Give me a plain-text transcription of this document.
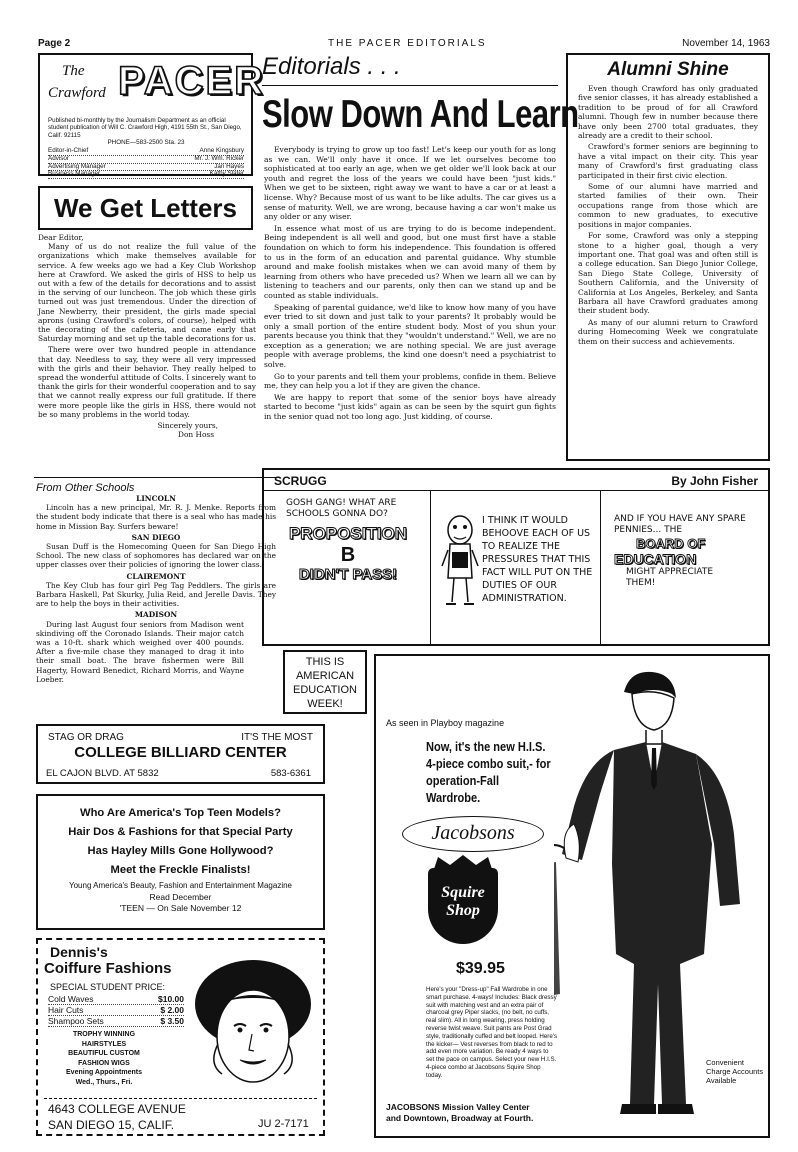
Page 2	THE PACER EDITORIALS	November 14, 1963
The
Crawford PACER
Published bi-monthly by the Journalism Department as an official student publication of Will C. Crawford High, 4191 55th St., San Diego, Calif. 92115
PHONE—583-2500 Sta. 23
Editor-in-Chief	Anne Kingsbury
Advisor	Mr. J. Wm. Ricker
Advertising Manager	Jan Hayes
Business Manager	Kathy Slater
We Get Letters
Dear Editor,

Many of us do not realize the full value of the organizations which make themselves available for service. A few weeks ago we had a Key Club Workshop here at Crawford. We asked the girls of HSS to help us out with a few of the details for decorations and to assist in the serving of our luncheon. The job which these girls turned out was just tremendous. Under the direction of Jane Newberry, their president, the girls made special aprons (using Crawford's colors, of course), helped with the decorating of the cafeteria, and came early that Saturday morning and set up the table decorations for us.

There were over two hundred people in attendance that day. Needless to say, they were all very impressed with the girls and their behavior. They really helped to spread the wonderful attitude of Colts. I sincerely want to thank the girls for their wonderful cooperation and to say that we cannot really express our full gratitude. If there were more people like the girls in HSS, there would not be so many problems in the world today.

Sincerely yours,
Don Hoss
From Other Schools
LINCOLN

Lincoln has a new principal, Mr. R. J. Menke. Reports from the student body indicate that there is a seal who has made his home in Mission Bay. Surfers beware!

SAN DIEGO

Susan Duff is the Homecoming Queen for San Diego High School. The new class of sophomores has declared war on the upper classes over their policies of ignoring the lower class.

CLAIREMONT

The Key Club has four girl Peg Tag Peddlers. The girls are Barbara Haskell, Pat Skurky, Julia Reid, and Jerelle Davis. They are to help the boys in their activities.

MADISON

During last August four seniors from Madison went skindiving off the Coronado Islands. Their major catch was a 10-ft. shark which weighed over 400 pounds. After a five-mile chase they managed to drag it into their small boat. The brave fishermen were Bill Hagerty, Howard Benedict, Richard Morris, and Wayne Loeber.

THIS IS
AMERICAN
EDUCATION
WEEK!
Editorials . . .
Slow Down And Learn

Everybody is trying to grow up too fast! Let's keep our youth for as long as we can. We'll only have it once. If we let ourselves become too sophisticated at too early an age, when we get older we'll look back at our youth and regret the loss of the years we could have been "just kids." When we get to be sixteen, right away we want to have a car or at least a license. Why? Because most of us want to be like adults. The car gives us a sense of maturity. Well, we are wrong, because having a car won't make us any older or any wiser.

In essence what most of us are trying to do is become independent. Being independent is all well and good, but one must first have a stable foundation on which to form his independence. This foundation is offered to us in the form of an education and parental guidance. Why stumble around and make foolish mistakes when we can avoid many of them by learning from others who have preceded us? When we learn all we can by listening to teachers and our parents, only then can we stand up and be counted as stable individuals.

Speaking of parental guidance, we'd like to know how many of you have ever tried to sit down and just talk to your parents? It probably would be only a small portion of the entire student body. Most of you shun your parents because you think that they "wouldn't understand." Well, we are no exception as a generation; we are nothing special. We are just average people with average problems, the kind one doesn't need a psychiatrist to solve.

Go to your parents and tell them your problems, confide in them. Believe me, they can help you a lot if they are given the chance.

We are happy to report that some of the senior boys have already started to become "just kids" again as can be seen by the squirt gun fights in the senior quad not too long ago. Just kidding, of course.

Alumni Shine

Even though Crawford has only graduated five senior classes, it has already established a tradition to be proud of for all Crawford alumni. Though few in number because there have only been 2700 total graduates, they already are a credit to their school.

Crawford's former seniors are beginning to have a vital impact on their city. This year many of Crawford's first graduating class participated in their first civic election.

Some of our alumni have married and started families of their own. Their occupations range from those which are common to new graduates, to executive positions in major companies.

For some, Crawford was only a stepping stone to a higher goal, though a very important one. That goal was and often still is a college education. San Diego Junior College, San Diego State College, University of Southern California, and the University of California at Los Angeles, Berkeley, and Santa Barbara all have Crawford graduates among their student body.

As many of our alumni return to Crawford during Homecoming Week we congratulate them on their success and achievements.

SCRUGG	By John Fisher
GOSH GANG! WHAT ARE SCHOOLS GONNA DO?
PROPOSITION
B
DIDN'T PASS!
I THINK IT WOULD BEHOOVE EACH OF US TO REALIZE THE PRESSURES THAT THIS FACT WILL PUT ON THE DUTIES OF OUR ADMINISTRATION.
AND IF YOU HAVE ANY SPARE PENNIES... THE
BOARD OF
EDUCATION
MIGHT APPRECIATE THEM!
STAG OR DRAG	IT'S THE MOST
COLLEGE BILLIARD CENTER
EL CAJON BLVD. AT 5832	583-6361
Who Are America's Top Teen Models?
Hair Dos & Fashions for that Special Party
Has Hayley Mills Gone Hollywood?
Meet the Freckle Finalists!
Young America's Beauty, Fashion and Entertainment Magazine
Read December
'TEEN — On Sale November 12
Dennis's
Coiffure Fashions
SPECIAL STUDENT PRICE:
Cold Waves	$10.00
Hair Cuts	$ 2.00
Shampoo Sets	$ 3.50
TROPHY WINNING
HAIRSTYLES
BEAUTIFUL CUSTOM
FASHION WIGS
Evening Appointments
Wed., Thurs., Fri.
4643 COLLEGE AVENUE
SAN DIEGO 15, CALIF.	JU 2-7171
As seen in Playboy magazine
Now, it's the new H.I.S. 4-piece combo suit,- for operation-Fall Wardrobe.
Jacobsons
Squire
Shop
$39.95
Here's your "Dress-up" Fall Wardrobe in one smart purchase. 4-ways! Includes: Black dressy suit with matching vest and an extra pair of charcoal grey Piper slacks, (no belt, no cuffs, real slim). All in long wearing, press holding reverse twist weave. Suit pants are Post Grad style, traditionally cuffed and belt looped. Here's the kicker— Vest reverses from black to red to add even more variation. Be ready 4 ways to set the pace on campus. Select your new H.I.S. 4-piece combo at Jacobsons Squire Shop today.
Convenient Charge Accounts Available
JACOBSONS Mission Valley Center
and Downtown, Broadway at Fourth.
